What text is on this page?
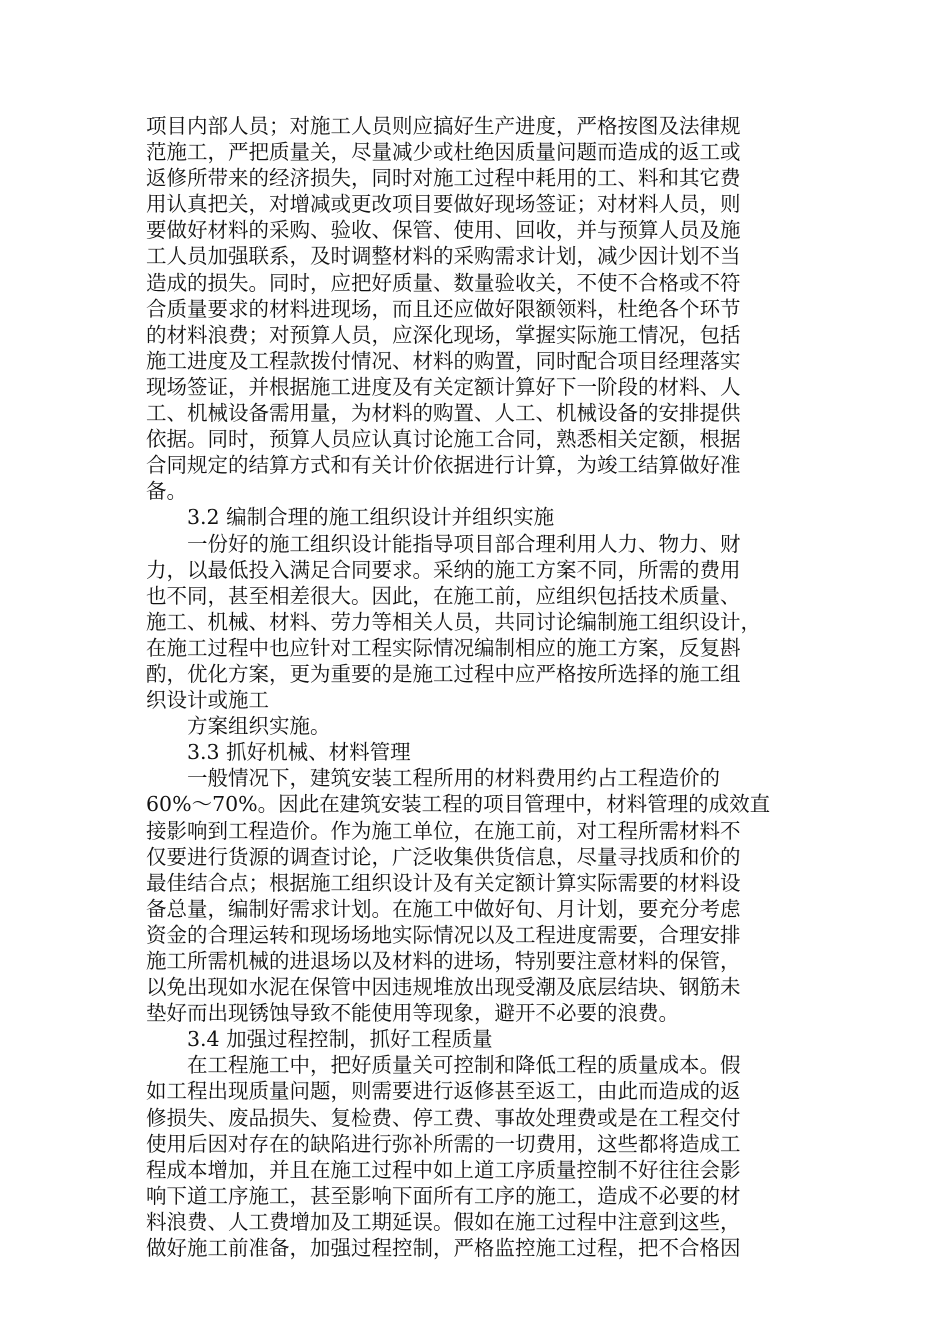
项目内部人员；对施工人员则应搞好生产进度，严格按图及法律规
范施工，严把质量关，尽量减少或杜绝因质量问题而造成的返工或
返修所带来的经济损失，同时对施工过程中耗用的工、料和其它费
用认真把关，对增减或更改项目要做好现场签证；对材料人员，则
要做好材料的采购、验收、保管、使用、回收，并与预算人员及施
工人员加强联系，及时调整材料的采购需求计划，减少因计划不当
造成的损失。同时，应把好质量、数量验收关，不使不合格或不符
合质量要求的材料进现场，而且还应做好限额领料，杜绝各个环节
的材料浪费；对预算人员，应深化现场，掌握实际施工情况，包括
施工进度及工程款拨付情况、材料的购置，同时配合项目经理落实
现场签证，并根据施工进度及有关定额计算好下一阶段的材料、人
工、机械设备需用量，为材料的购置、人工、机械设备的安排提供
依据。同时，预算人员应认真讨论施工合同，熟悉相关定额，根据
合同规定的结算方式和有关计价依据进行计算，为竣工结算做好准
备。
3.2 编制合理的施工组织设计并组织实施
一份好的施工组织设计能指导项目部合理利用人力、物力、财
力，以最低投入满足合同要求。采纳的施工方案不同，所需的费用
也不同，甚至相差很大。因此，在施工前，应组织包括技术质量、
施工、机械、材料、劳力等相关人员，共同讨论编制施工组织设计，
在施工过程中也应针对工程实际情况编制相应的施工方案，反复斟
酌，优化方案，更为重要的是施工过程中应严格按所选择的施工组
织设计或施工
方案组织实施。
3.3 抓好机械、材料管理
一般情况下，建筑安装工程所用的材料费用约占工程造价的
60%～70%。因此在建筑安装工程的项目管理中，材料管理的成效直
接影响到工程造价。作为施工单位，在施工前，对工程所需材料不
仅要进行货源的调查讨论，广泛收集供货信息，尽量寻找质和价的
最佳结合点；根据施工组织设计及有关定额计算实际需要的材料设
备总量，编制好需求计划。在施工中做好旬、月计划，要充分考虑
资金的合理运转和现场场地实际情况以及工程进度需要，合理安排
施工所需机械的进退场以及材料的进场，特别要注意材料的保管，
以免出现如水泥在保管中因违规堆放出现受潮及底层结块、钢筋未
垫好而出现锈蚀导致不能使用等现象，避开不必要的浪费。
3.4 加强过程控制，抓好工程质量
在工程施工中，把好质量关可控制和降低工程的质量成本。假
如工程出现质量问题，则需要进行返修甚至返工，由此而造成的返
修损失、废品损失、复检费、停工费、事故处理费或是在工程交付
使用后因对存在的缺陷进行弥补所需的一切费用，这些都将造成工
程成本增加，并且在施工过程中如上道工序质量控制不好往往会影
响下道工序施工，甚至影响下面所有工序的施工，造成不必要的材
料浪费、人工费增加及工期延误。假如在施工过程中注意到这些，
做好施工前准备，加强过程控制，严格监控施工过程，把不合格因
